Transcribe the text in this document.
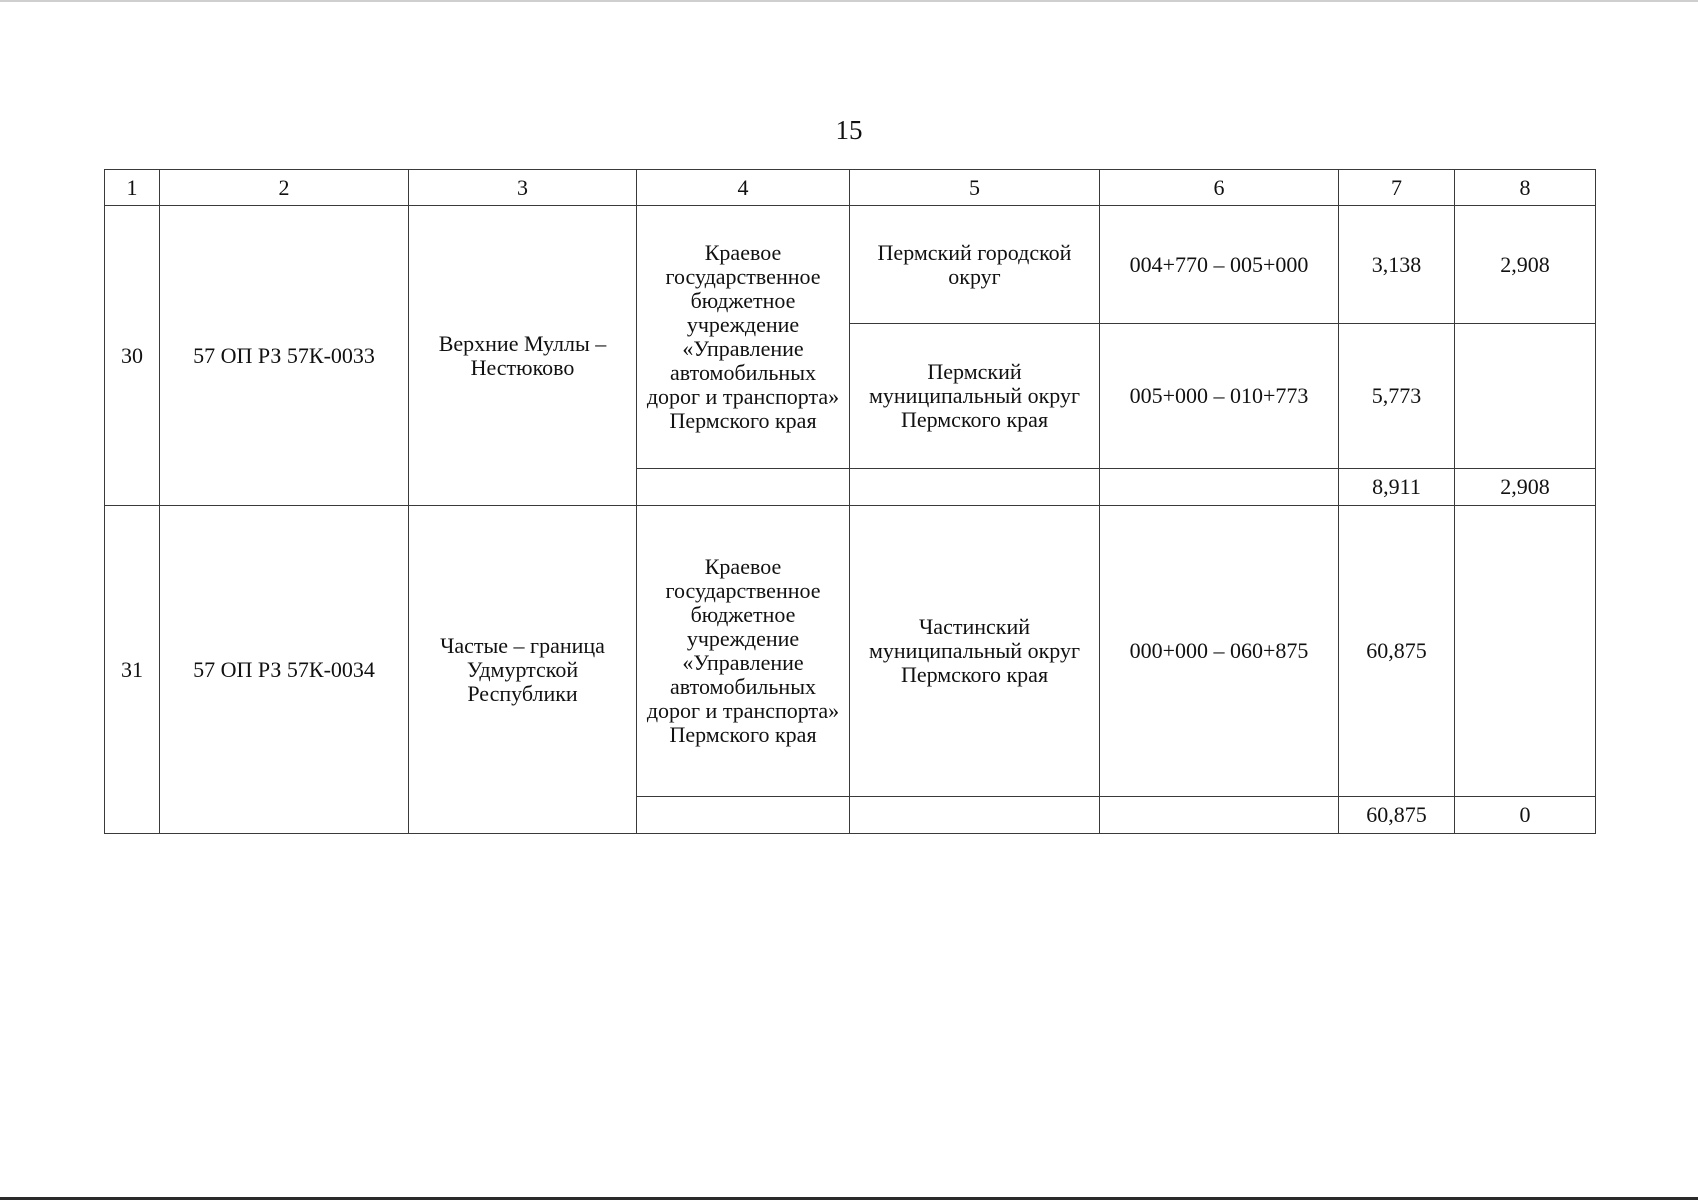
15
1	2	3	4	5	6	7	8
30	57 ОП РЗ 57К-0033	Верхние Муллы – Нестюково	Краевое государственное бюджетное учреждение «Управление автомобильных дорог и транспорта» Пермского края	Пермский городской округ	004+770 – 005+000	3,138	2,908
				Пермский муниципальный округ Пермского края	005+000 – 010+773	5,773	
						8,911	2,908
31	57 ОП РЗ 57К-0034	Частые – граница Удмуртской Республики	Краевое государственное бюджетное учреждение «Управление автомобильных дорог и транспорта» Пермского края	Частинский муниципальный округ Пермского края	000+000 – 060+875	60,875	
						60,875	0
